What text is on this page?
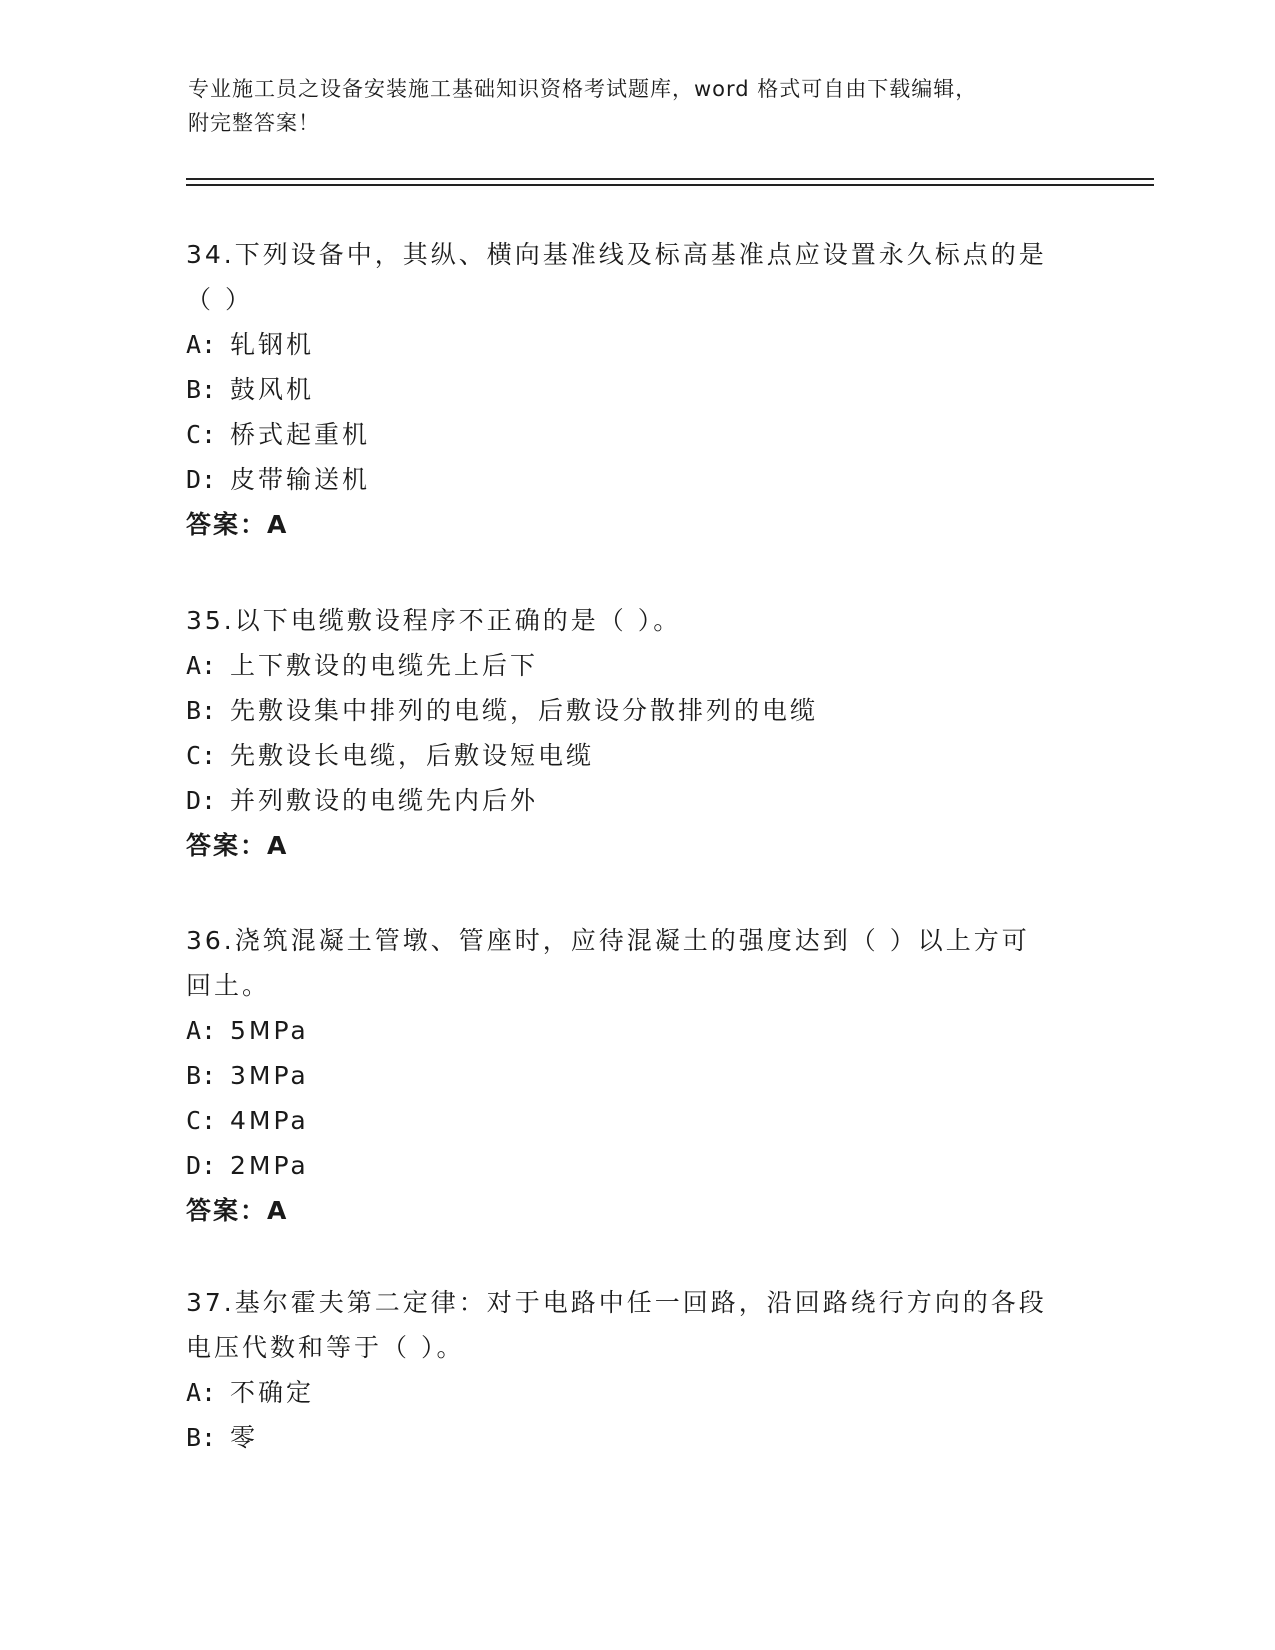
专业施工员之设备安装施工基础知识资格考试题库，word 格式可自由下载编辑，
附完整答案！

34.下列设备中，其纵、横向基准线及标高基准点应设置永久标点的是

（ ）

A: 轧钢机

B: 鼓风机

C: 桥式起重机

D: 皮带输送机

答案：A

35.以下电缆敷设程序不正确的是（ ）。

A: 上下敷设的电缆先上后下

B: 先敷设集中排列的电缆，后敷设分散排列的电缆

C: 先敷设长电缆，后敷设短电缆

D: 并列敷设的电缆先内后外

答案：A

36.浇筑混凝土管墩、管座时，应待混凝土的强度达到（ ）以上方可

回土。

A: 5MPa

B: 3MPa

C: 4MPa

D: 2MPa

答案：A

37.基尔霍夫第二定律：对于电路中任一回路，沿回路绕行方向的各段

电压代数和等于（ ）。

A: 不确定

B: 零
